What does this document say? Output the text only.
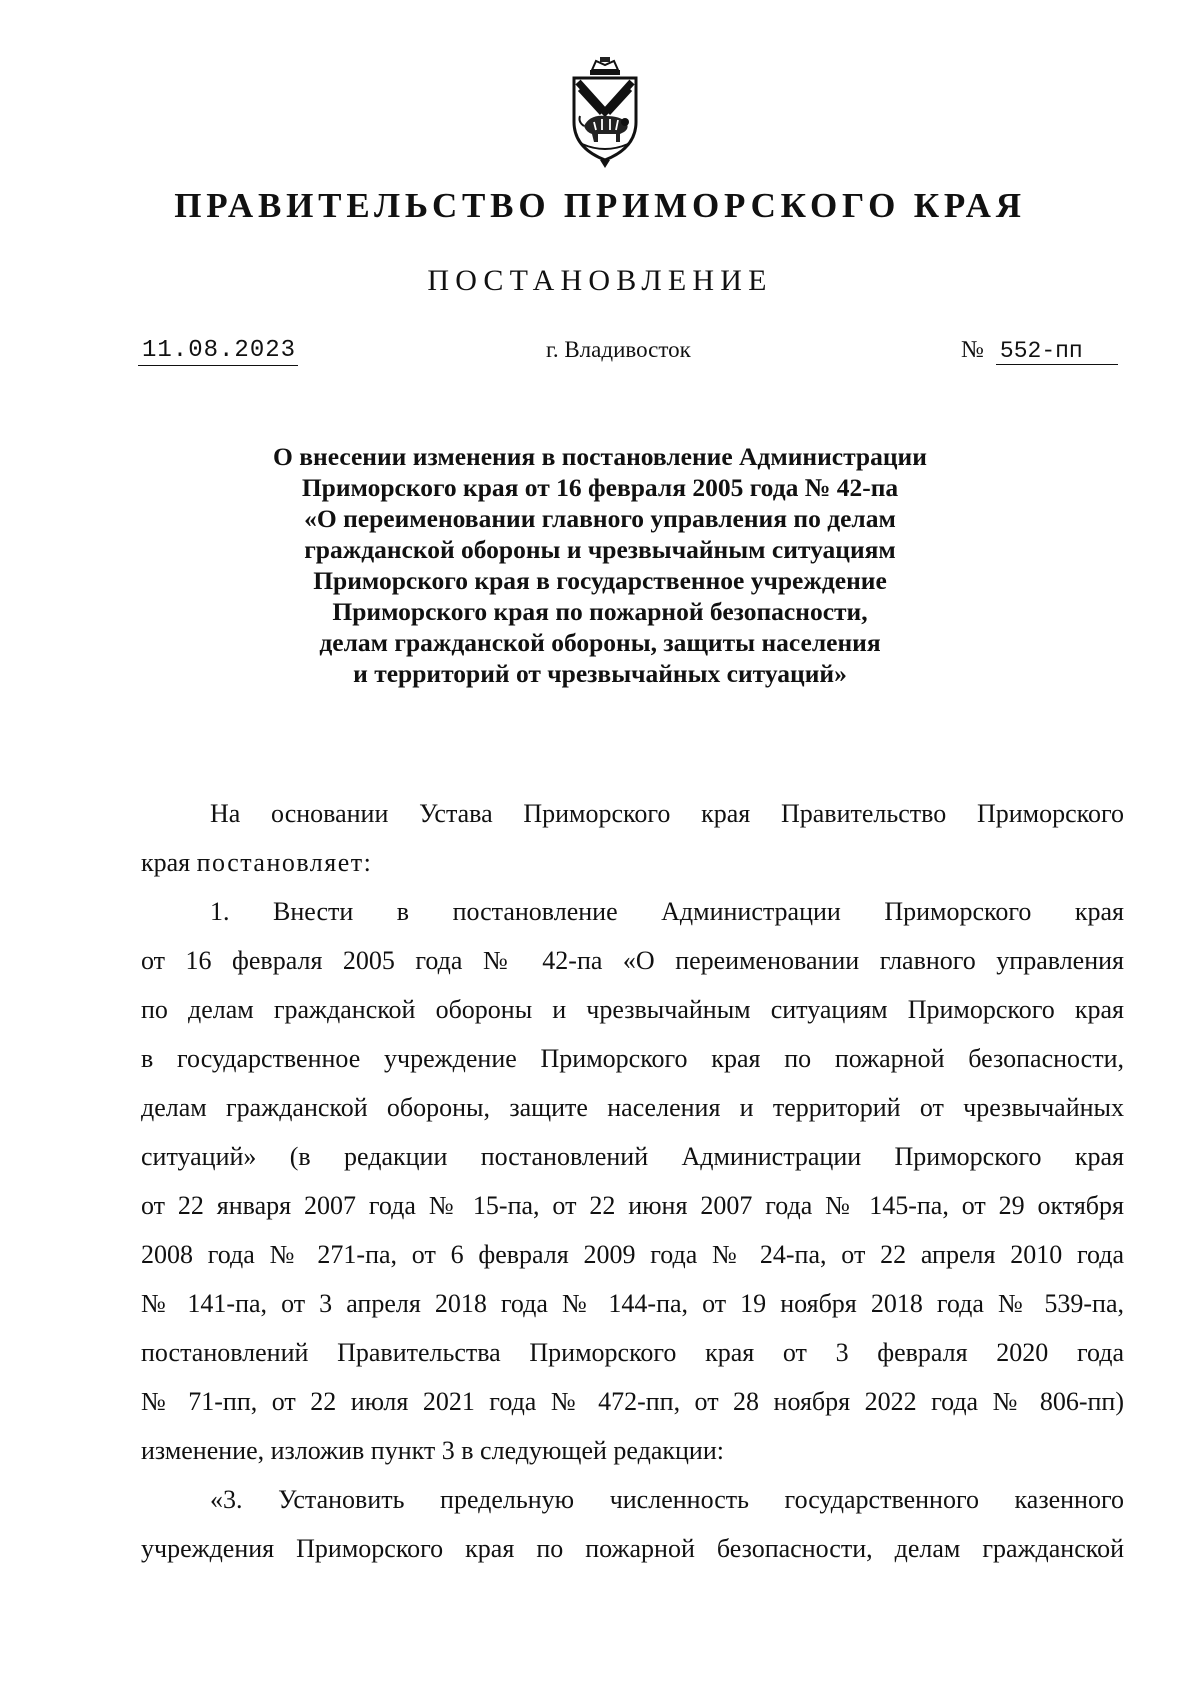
ПРАВИТЕЛЬСТВО ПРИМОРСКОГО КРАЯ
ПОСТАНОВЛЕНИЕ
11.08.2023	г. Владивосток	№ 552-пп
О внесении изменения в постановление Администрации
Приморского края от 16 февраля 2005 года № 42-па
«О переименовании главного управления по делам
гражданской обороны и чрезвычайным ситуациям
Приморского края в государственное учреждение
Приморского края по пожарной безопасности,
делам гражданской обороны, защиты населения
и территорий от чрезвычайных ситуаций»
На основании Устава Приморского края Правительство Приморского
края постановляет:
1. Внести в постановление Администрации Приморского края
от 16 февраля 2005 года № 42-па «О переименовании главного управления
по делам гражданской обороны и чрезвычайным ситуациям Приморского края
в государственное учреждение Приморского края по пожарной безопасности,
делам гражданской обороны, защите населения и территорий от чрезвычайных
ситуаций» (в редакции постановлений Администрации Приморского края
от 22 января 2007 года № 15-па, от 22 июня 2007 года № 145-па, от 29 октября
2008 года № 271-па, от 6 февраля 2009 года № 24-па, от 22 апреля 2010 года
№ 141-па, от 3 апреля 2018 года № 144-па, от 19 ноября 2018 года № 539-па,
постановлений Правительства Приморского края от 3 февраля 2020 года
№ 71-пп, от 22 июля 2021 года № 472-пп, от 28 ноября 2022 года № 806-пп)
изменение, изложив пункт 3 в следующей редакции:
«3. Установить предельную численность государственного казенного
учреждения Приморского края по пожарной безопасности, делам гражданской
